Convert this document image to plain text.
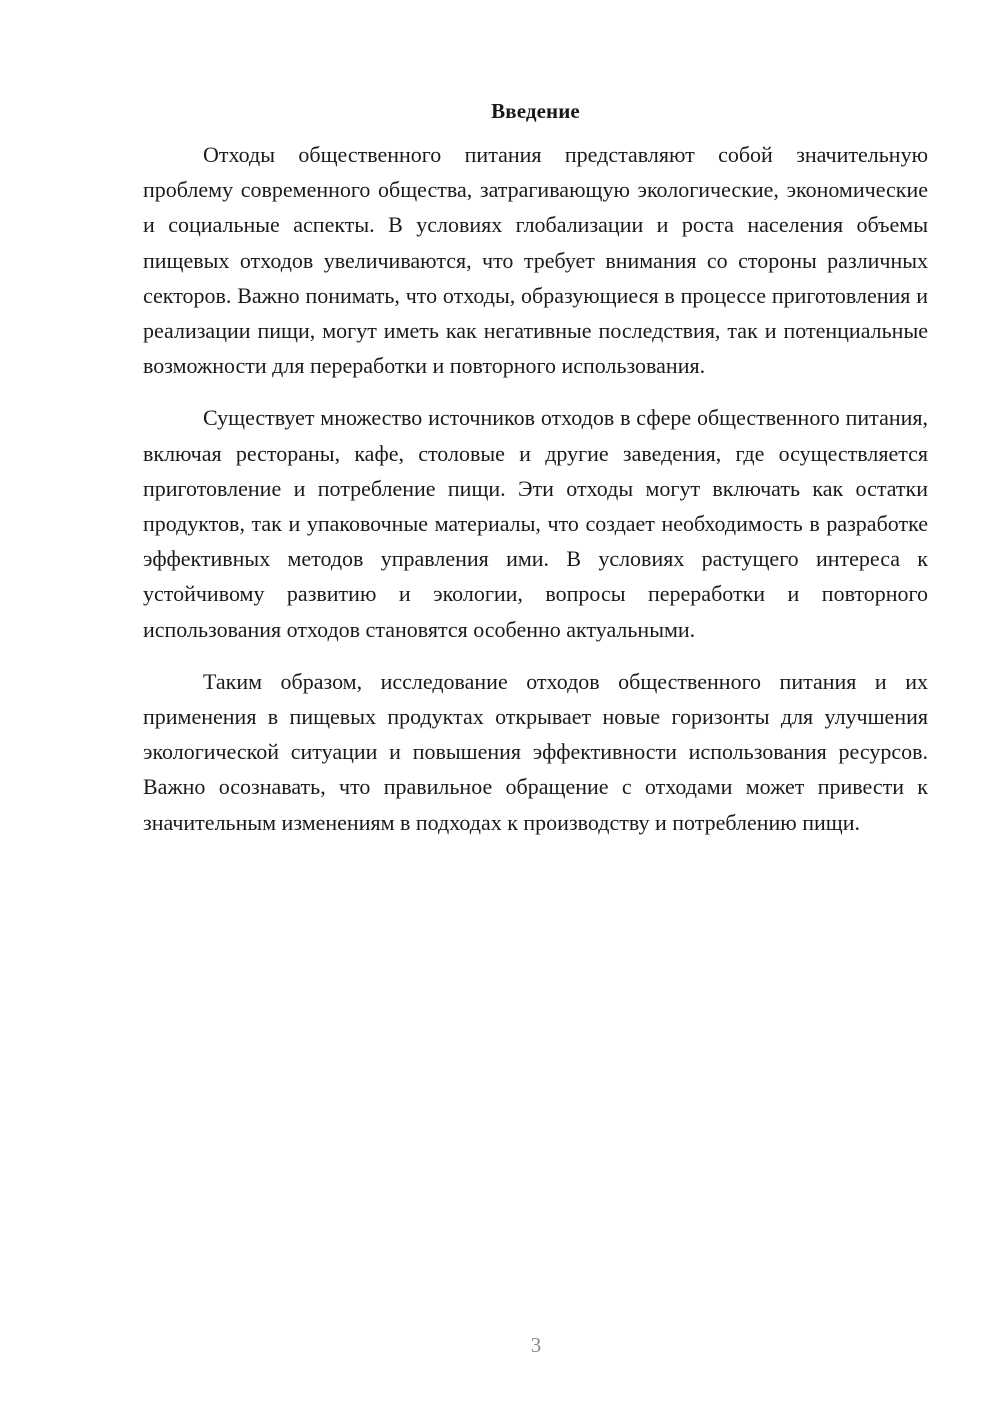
Введение

Отходы общественного питания представляют собой значительную проблему современного общества, затрагивающую экологические, экономические и социальные аспекты. В условиях глобализации и роста населения объемы пищевых отходов увеличиваются, что требует внимания со стороны различных секторов. Важно понимать, что отходы, образующиеся в процессе приготовления и реализации пищи, могут иметь как негативные последствия, так и потенциальные возможности для переработки и повторного использования.

Существует множество источников отходов в сфере общественного питания, включая рестораны, кафе, столовые и другие заведения, где осуществляется приготовление и потребление пищи. Эти отходы могут включать как остатки продуктов, так и упаковочные материалы, что создает необходимость в разработке эффективных методов управления ими. В условиях растущего интереса к устойчивому развитию и экологии, вопросы переработки и повторного использования отходов становятся особенно актуальными.

Таким образом, исследование отходов общественного питания и их применения в пищевых продуктах открывает новые горизонты для улучшения экологической ситуации и повышения эффективности использования ресурсов. Важно осознавать, что правильное обращение с отходами может привести к значительным изменениям в подходах к производству и потреблению пищи.

3
